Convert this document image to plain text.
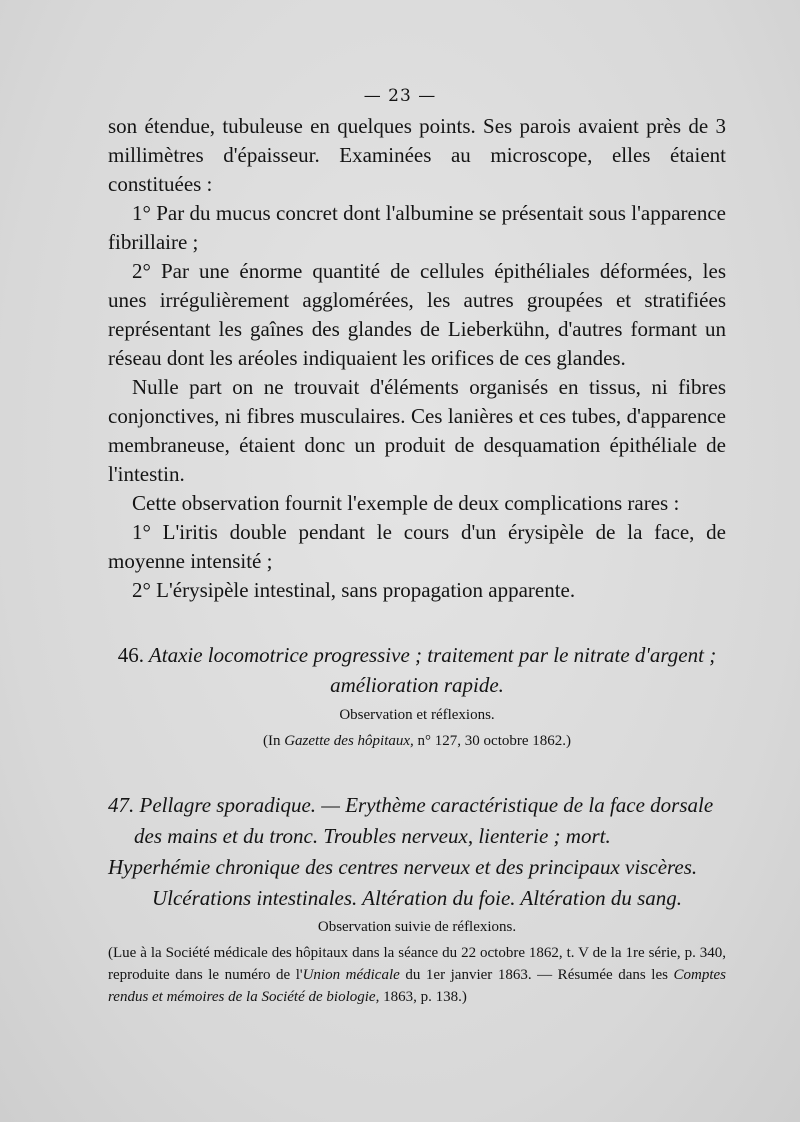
— 23 —

son étendue, tubuleuse en quelques points. Ses parois avaient près de 3 millimètres d'épaisseur. Examinées au microscope, elles étaient constituées :

1° Par du mucus concret dont l'albumine se présentait sous l'apparence fibrillaire ;

2° Par une énorme quantité de cellules épithéliales déformées, les unes irrégulièrement agglomérées, les autres groupées et stratifiées représentant les gaînes des glandes de Lieberkühn, d'autres formant un réseau dont les aréoles indiquaient les orifices de ces glandes.

Nulle part on ne trouvait d'éléments organisés en tissus, ni fibres conjonctives, ni fibres musculaires. Ces lanières et ces tubes, d'apparence membraneuse, étaient donc un produit de desquamation épithéliale de l'intestin.

Cette observation fournit l'exemple de deux complications rares :

1° L'iritis double pendant le cours d'un érysipèle de la face, de moyenne intensité ;

2° L'érysipèle intestinal, sans propagation apparente.

46. Ataxie locomotrice progressive ; traitement par le nitrate d'argent ;
amélioration rapide.
Observation et réflexions.
(In Gazette des hôpitaux, n° 127, 30 octobre 1862.)
47. Pellagre sporadique. — Erythème caractéristique de la face dorsale
des mains et du tronc. Troubles nerveux, lienterie ; mort.
Hyperhémie chronique des centres nerveux et des principaux viscères.
Ulcérations intestinales. Altération du foie. Altération du sang.
Observation suivie de réflexions.
(Lue à la Société médicale des hôpitaux dans la séance du 22 octobre 1862, t. V de la 1re série, p. 340, reproduite dans le numéro de l'Union médicale du 1er janvier 1863. — Résumée dans les Comptes rendus et mémoires de la Société de biologie, 1863, p. 138.)
